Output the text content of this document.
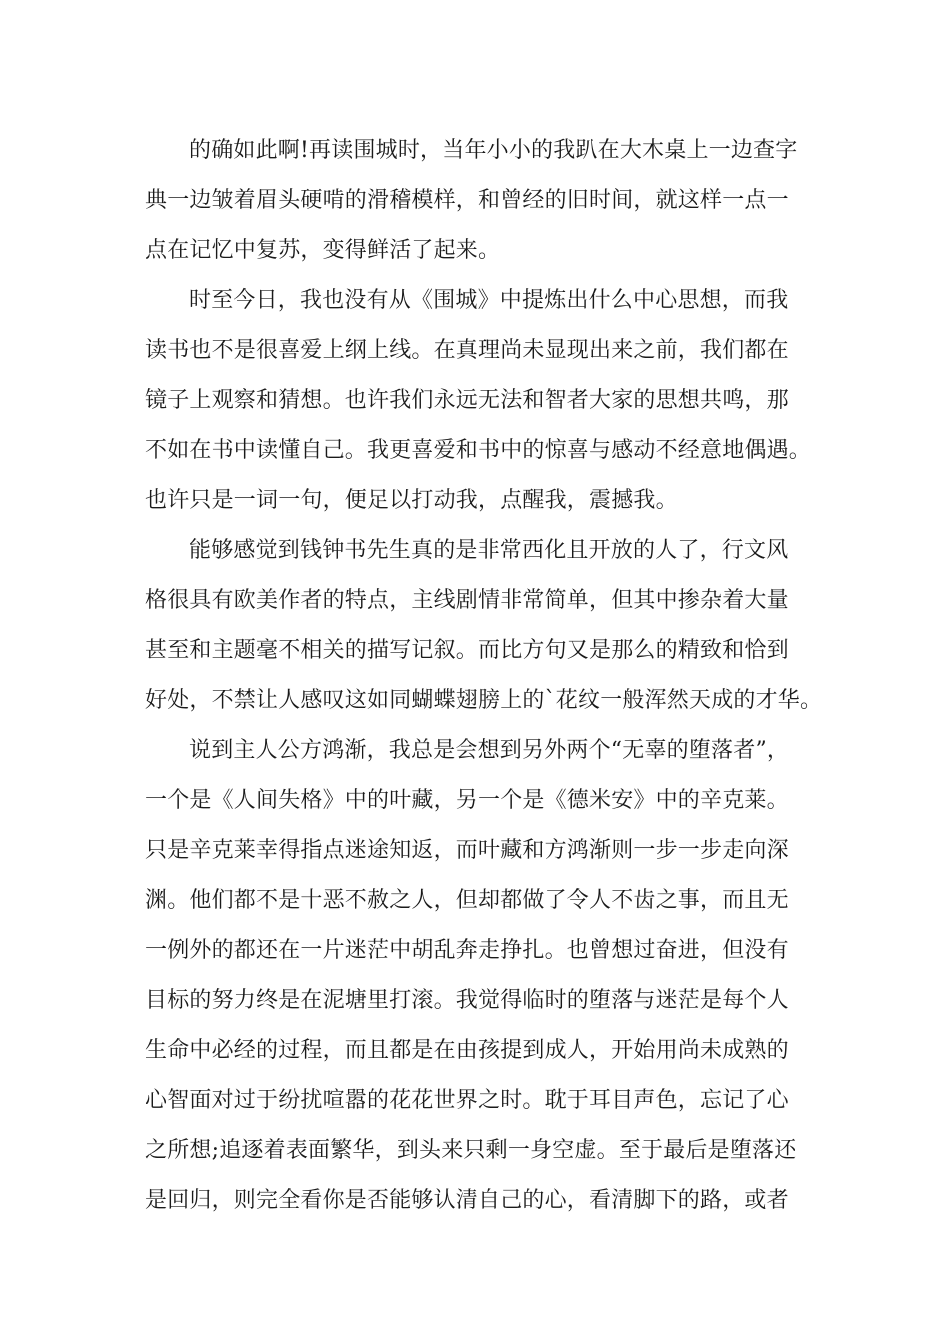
的确如此啊!再读围城时，当年小小的我趴在大木桌上一边查字
典一边皱着眉头硬啃的滑稽模样，和曾经的旧时间，就这样一点一
点在记忆中复苏，变得鲜活了起来。
时至今日，我也没有从《围城》中提炼出什么中心思想，而我
读书也不是很喜爱上纲上线。在真理尚未显现出来之前，我们都在
镜子上观察和猜想。也许我们永远无法和智者大家的思想共鸣，那
不如在书中读懂自己。我更喜爱和书中的惊喜与感动不经意地偶遇。
也许只是一词一句，便足以打动我，点醒我，震撼我。
能够感觉到钱钟书先生真的是非常西化且开放的人了，行文风
格很具有欧美作者的特点，主线剧情非常简单，但其中掺杂着大量
甚至和主题毫不相关的描写记叙。而比方句又是那么的精致和恰到
好处，不禁让人感叹这如同蝴蝶翅膀上的`花纹一般浑然天成的才华。
说到主人公方鸿渐，我总是会想到另外两个“无辜的堕落者”，
一个是《人间失格》中的叶藏，另一个是《德米安》中的辛克莱。
只是辛克莱幸得指点迷途知返，而叶藏和方鸿渐则一步一步走向深
渊。他们都不是十恶不赦之人，但却都做了令人不齿之事，而且无
一例外的都还在一片迷茫中胡乱奔走挣扎。也曾想过奋进，但没有
目标的努力终是在泥塘里打滚。我觉得临时的堕落与迷茫是每个人
生命中必经的过程，而且都是在由孩提到成人，开始用尚未成熟的
心智面对过于纷扰喧嚣的花花世界之时。耽于耳目声色，忘记了心
之所想;追逐着表面繁华，到头来只剩一身空虚。至于最后是堕落还
是回归，则完全看你是否能够认清自己的心，看清脚下的路，或者
